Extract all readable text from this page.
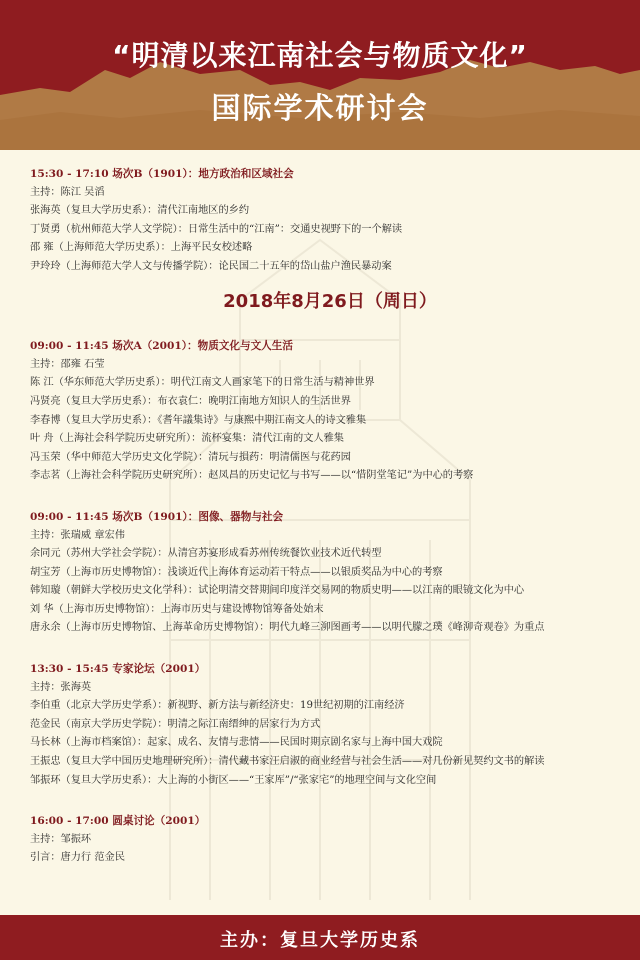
“明清以来江南社会与物质文化”
国际学术研讨会
15:30 - 17:10 场次B（1901）：地方政治和区域社会
主持：陈江 吴滔
张海英（复旦大学历史系）：清代江南地区的乡约
丁贤勇（杭州师范大学人文学院）：日常生活中的“江南”：交通史视野下的一个解读
邵 雍（上海师范大学历史系）：上海平民女校述略
尹玲玲（上海师范大学人文与传播学院）：论民国二十五年的岱山盐户渔民暴动案
2018年8月26日（周日）
09:00 - 11:45 场次A（2001）：物质文化与文人生活
主持：邵雍 石莹
陈 江（华东师范大学历史系）：明代江南文人画家笔下的日常生活与精神世界
冯贤亮（复旦大学历史系）：布衣袁仁：晚明江南地方知识人的生活世界
李春博（复旦大学历史系）：《耆年議集诗》与康熙中期江南文人的诗文雅集
叶 舟（上海社会科学院历史研究所）：流杯宴集：清代江南的文人雅集
冯玉荣（华中师范大学历史文化学院）：清玩与損药：明清儒医与花药园
李志茗（上海社会科学院历史研究所）：赵凤昌的历史记忆与书写——以“惜阴堂笔记”为中心的考察
09:00 - 11:45 场次B（1901）：图像、器物与社会
主持：张瑞威 章宏伟
余同元（苏州大学社会学院）：从清宫苏宴形成看苏州传统餐饮业技术近代转型
胡宝芳（上海市历史博物馆）：浅谈近代上海体育运动若干特点——以银质奖品为中心的考察
韩知璇（朝鲜大学校历史文化学科）：试论明清交替期间印度洋交易网的物质史明——以江南的眼镜文化为中心
刘 华（上海市历史博物馆）：上海市历史与建设博物馆筹备处始末
唐永余（上海市历史博物馆、上海革命历史博物馆）：明代九峰三泖图画考——以明代朦之璞《峰泖奇观卷》为重点
13:30 - 15:45 专家论坛（2001）
主持：张海英
李伯重（北京大学历史学系）：新视野、新方法与新经济史：19世纪初期的江南经济
范金民（南京大学历史学院）：明清之际江南缙绅的居家行为方式
马长林（上海市档案馆）：起家、成名、友情与悲情——民国时期京剧名家与上海中国大戏院
王振忠（复旦大学中国历史地理研究所）：清代藏书家汪启淑的商业经营与社会生活——对几份新见契约文书的解读
邹振环（复旦大学历史系）：大上海的小街区——“王家厍”/“张家宅”的地理空间与文化空间
16:00 - 17:00 圆桌讨论（2001）
主持：邹振环
引言：唐力行 范金民
主办：复旦大学历史系
